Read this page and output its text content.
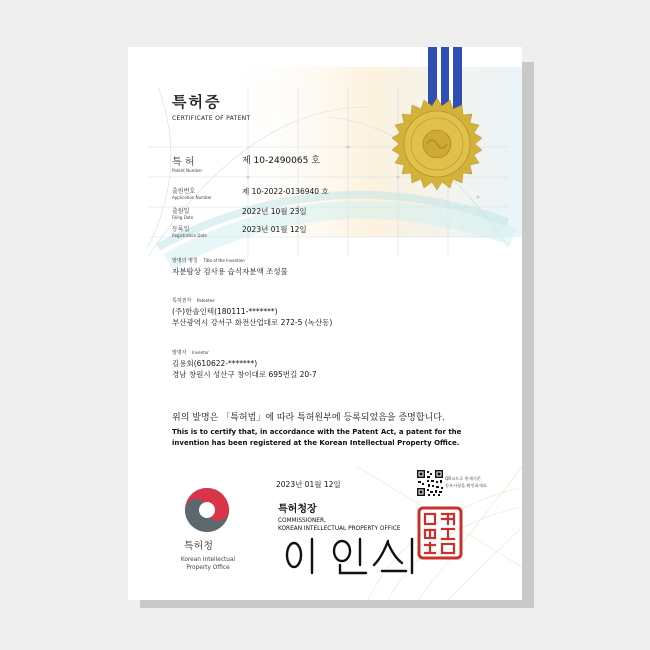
특허증
CERTIFICATE OF PATENT
특 허
Patent Number
제 10-2490065 호
출원번호
Application Number
제 10-2022-0136940 호
출원일
Filing Date
2022년 10월 23일
등록일
Registration Date
2023년 01월 12일
발명의 명칭 Title of the Invention
자분탐상 검사용 습식자분액 조성물
특허권자 Patentee
(주)한솔인텍(180111-*******)
부산광역시 강서구 화전산업대로 272-5 (녹산동)
발명자 Inventor
김용회(610622-*******)
경남 창원시 성산구 창이대로 695번길 20-7
위의 발명은 「특허법」에 따라 특허원부에 등록되었음을 증명합니다.
This is to certify that, in accordance with the Patent Act, a patent for the
invention has been registered at the Korean Intellectual Property Office.
2023년 01월 12일
QR코드로 현재기준
등록사항을 확인하세요
특허청장
COMMISSIONER,
KOREAN INTELLECTUAL PROPERTY OFFICE
특허청
Korean Intellectual
Property Office
